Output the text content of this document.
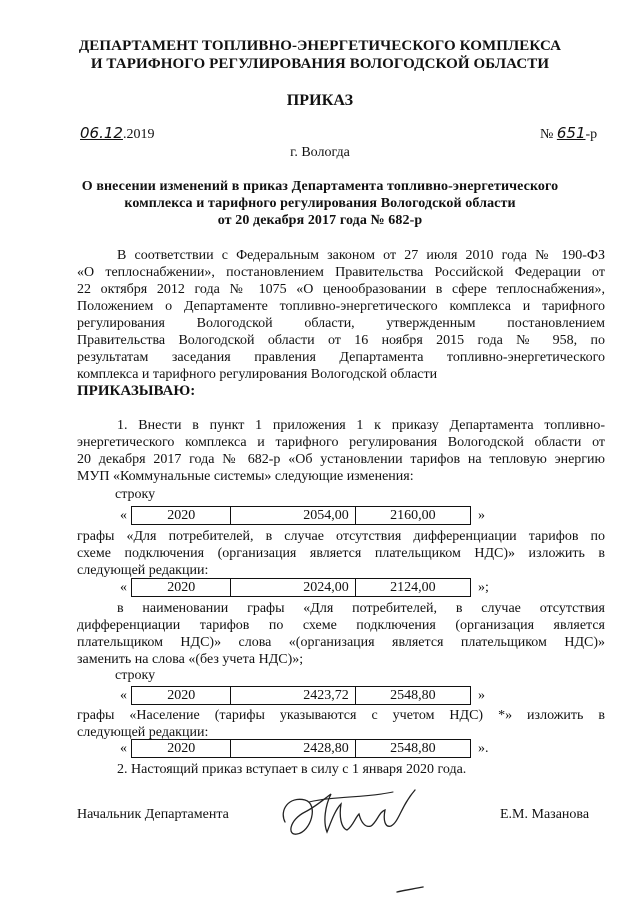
ДЕПАРТАМЕНТ ТОПЛИВНО-ЭНЕРГЕТИЧЕСКОГО КОМПЛЕКСА
И ТАРИФНОГО РЕГУЛИРОВАНИЯ ВОЛОГОДСКОЙ ОБЛАСТИ
ПРИКАЗ
06.12.2019	№ 651-р
г. Вологда
О внесении изменений в приказ Департамента топливно-энергетического
комплекса и тарифного регулирования Вологодской области
от 20 декабря 2017 года № 682-р
В соответствии с Федеральным законом от 27 июля 2010 года № 190-ФЗ
«О теплоснабжении», постановлением Правительства Российской Федерации от
22 октября 2012 года № 1075 «О ценообразовании в сфере теплоснабжения»,
Положением о Департаменте топливно-энергетического комплекса и тарифного
регулирования Вологодской области, утвержденным постановлением
Правительства Вологодской области от 16 ноября 2015 года № 958, по
результатам заседания правления Департамента топливно-энергетического
комплекса и тарифного регулирования Вологодской области
ПРИКАЗЫВАЮ:
1. Внести в пункт 1 приложения 1 к приказу Департамента топливно-
энергетического комплекса и тарифного регулирования Вологодской области от
20 декабря 2017 года № 682-р «Об установлении тарифов на тепловую энергию
МУП «Коммунальные системы» следующие изменения:
строку
«	2020	2054,00	2160,00	»
графы «Для потребителей, в случае отсутствия дифференциации тарифов по
схеме подключения (организация является плательщиком НДС)» изложить в
следующей редакции:
«	2020	2024,00	2124,00	»;
в наименовании графы «Для потребителей, в случае отсутствия
дифференциации тарифов по схеме подключения (организация является
плательщиком НДС)» слова «(организация является плательщиком НДС)»
заменить на слова «(без учета НДС)»;
строку
«	2020	2423,72	2548,80	»
графы «Население (тарифы указываются с учетом НДС) *» изложить в
следующей редакции:
«	2020	2428,80	2548,80	».
2. Настоящий приказ вступает в силу с 1 января 2020 года.
Начальник Департамента	Е.М. Мазанова
